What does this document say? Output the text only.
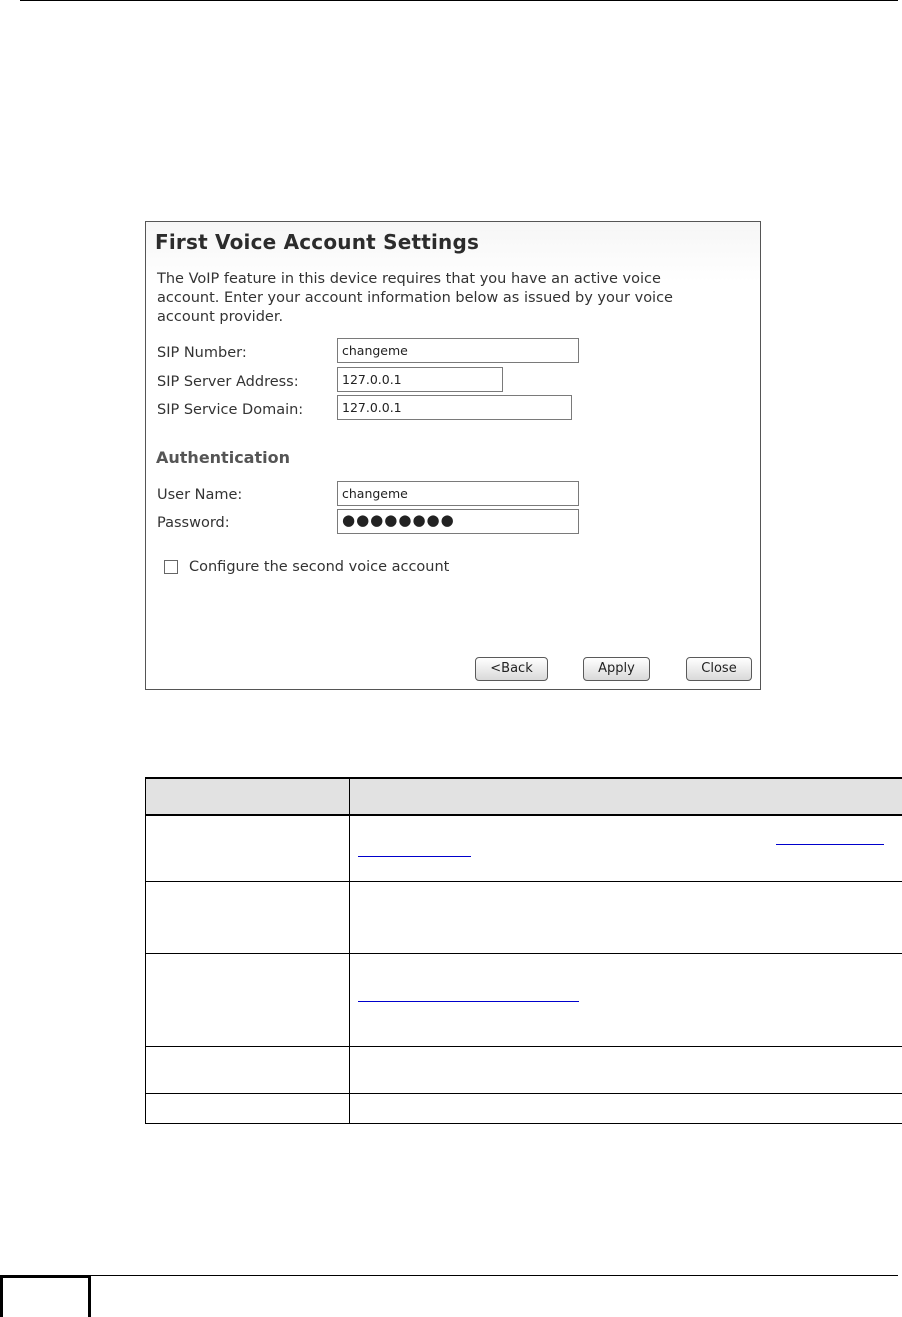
First Voice Account Settings

The VoIP feature in this device requires that you have an active voice account. Enter your account information below as issued by your voice account provider.

SIP Number:	changeme
SIP Server Address:	127.0.0.1
SIP Service Domain:	127.0.0.1
Authentication
User Name:	changeme
Password:	●●●●●●●●
Configure the second voice account
<Back	Apply	Close
